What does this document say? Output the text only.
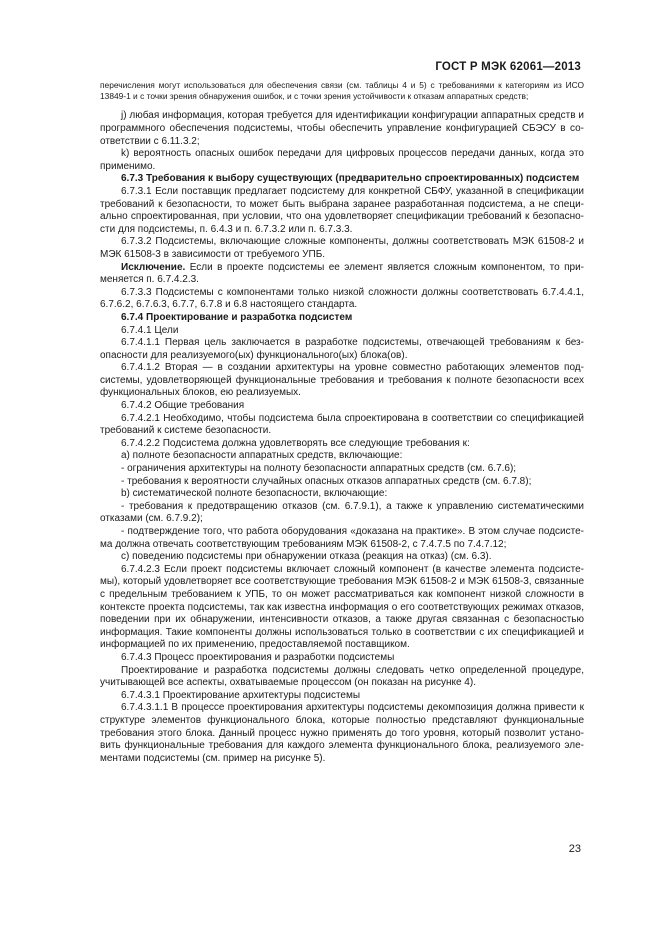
ГОСТ Р МЭК 62061—2013

перечисления могут использоваться для обеспечения связи (см. таблицы 4 и 5) с требованиями к категориям из ИСО 13849-1 и с точки зрения обнаружения ошибок, и с точки зрения устойчивости к отказам аппаратных средств;

j) любая информация, которая требуется для идентификации конфигурации аппаратных средств и программного обеспечения подсистемы, чтобы обеспечить управление конфигурацией СБЭСУ в соответствии с 6.11.3.2;

k) вероятность опасных ошибок передачи для цифровых процессов передачи данных, когда это применимо.

6.7.3 Требования к выбору существующих (предварительно спроектированных) подсистем

6.7.3.1 Если поставщик предлагает подсистему для конкретной СБФУ, указанной в спецификации требований к безопасности, то может быть выбрана заранее разработанная подсистема, а не специально спроектированная, при условии, что она удовлетворяет спецификации требований к безопасности для подсистемы, п. 6.4.3 и п. 6.7.3.2 или п. 6.7.3.3.

6.7.3.2 Подсистемы, включающие сложные компоненты, должны соответствовать МЭК 61508-2 и МЭК 61508-3 в зависимости от требуемого УПБ.

Исключение. Если в проекте подсистемы ее элемент является сложным компонентом, то применяется п. 6.7.4.2.3.

6.7.3.3 Подсистемы с компонентами только низкой сложности должны соответствовать 6.7.4.4.1, 6.7.6.2, 6.7.6.3, 6.7.7, 6.7.8 и 6.8 настоящего стандарта.

6.7.4 Проектирование и разработка подсистем

6.7.4.1 Цели

6.7.4.1.1 Первая цель заключается в разработке подсистемы, отвечающей требованиям к безопасности для реализуемого(ых) функционального(ых) блока(ов).

6.7.4.1.2 Вторая — в создании архитектуры на уровне совместно работающих элементов подсистемы, удовлетворяющей функциональные требования и требования к полноте безопасности всех функциональных блоков, ею реализуемых.

6.7.4.2 Общие требования

6.7.4.2.1 Необходимо, чтобы подсистема была спроектирована в соответствии со спецификацией требований к системе безопасности.

6.7.4.2.2 Подсистема должна удовлетворять все следующие требования к:

a) полноте безопасности аппаратных средств, включающие:

- ограничения архитектуры на полноту безопасности аппаратных средств (см. 6.7.6);

- требования к вероятности случайных опасных отказов аппаратных средств (см. 6.7.8);

b) систематической полноте безопасности, включающие:

- требования к предотвращению отказов (см. 6.7.9.1), а также к управлению систематическими отказами (см. 6.7.9.2);

- подтверждение того, что работа оборудования «доказана на практике». В этом случае подсистема должна отвечать соответствующим требованиям МЭК 61508-2, с 7.4.7.5 по 7.4.7.12;

c) поведению подсистемы при обнаружении отказа (реакция на отказ) (см. 6.3).

6.7.4.2.3 Если проект подсистемы включает сложный компонент (в качестве элемента подсистемы), который удовлетворяет все соответствующие требования МЭК 61508-2 и МЭК 61508-3, связанные с предельным требованием к УПБ, то он может рассматриваться как компонент низкой сложности в контексте проекта подсистемы, так как известна информация о его соответствующих режимах отказов, поведении при их обнаружении, интенсивности отказов, а также другая связанная с безопасностью информация. Такие компоненты должны использоваться только в соответствии с их спецификацией и информацией по их применению, предоставляемой поставщиком.

6.7.4.3 Процесс проектирования и разработки подсистемы

Проектирование и разработка подсистемы должны следовать четко определенной процедуре, учитывающей все аспекты, охватываемые процессом (он показан на рисунке 4).

6.7.4.3.1 Проектирование архитектуры подсистемы

6.7.4.3.1.1 В процессе проектирования архитектуры подсистемы декомпозиция должна привести к структуре элементов функционального блока, которые полностью представляют функциональные требования этого блока. Данный процесс нужно применять до того уровня, который позволит установить функциональные требования для каждого элемента функционального блока, реализуемого элементами подсистемы (см. пример на рисунке 5).

23
